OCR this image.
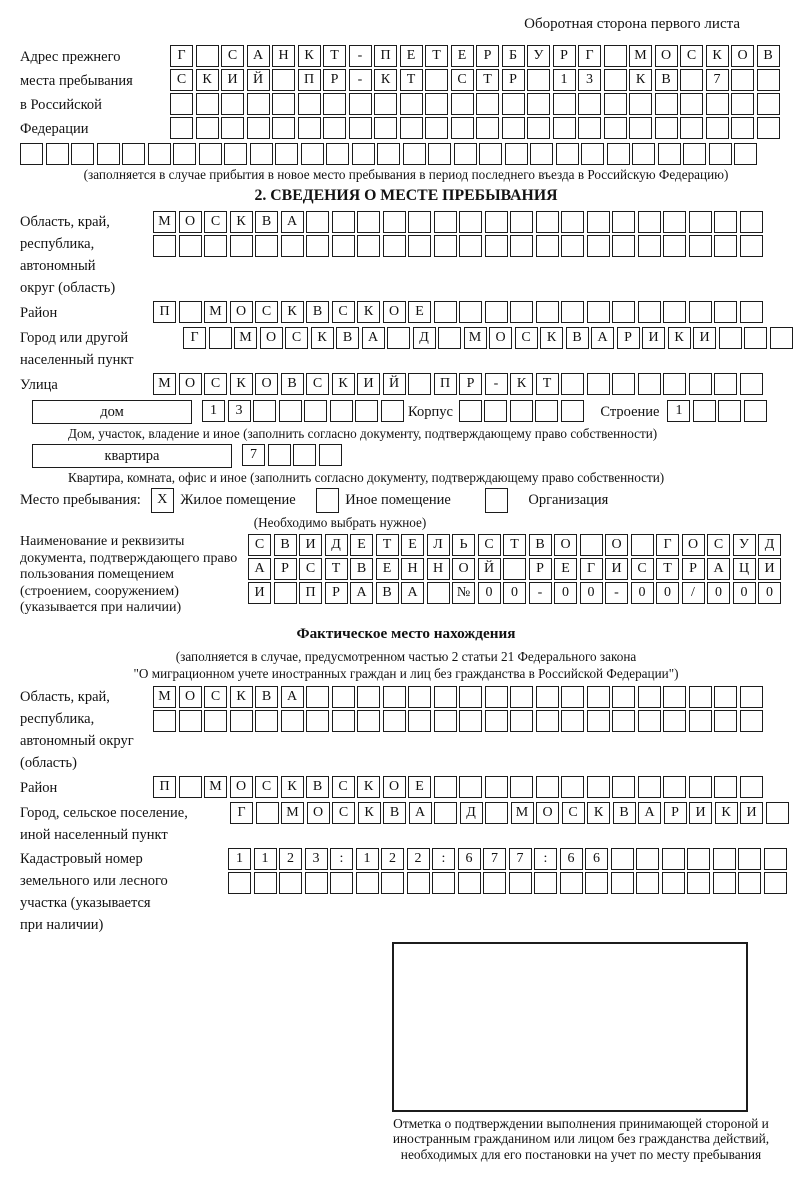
Оборотная сторона первого листа
Адрес прежнего
места пребывания
в Российской
Федерации
Г	С А Н К Т - П Е Т Е Р Б У Р Г	М О С К О В
С К И Й	П Р - К Т	С Т Р	1 3	К В	7
(заполняется в случае прибытия в новое место пребывания в период последнего въезда в Российскую Федерацию)
2. СВЕДЕНИЯ О МЕСТЕ ПРЕБЫВАНИЯ
Область, край,
республика,
автономный
округ (область)
М О С К В А
Район	П	М О С К В С К О Е
Город или другой
населенный пункт
Г	М О С К В А	Д	М О С К В А Р И К И
Улица	М О С К О В С К И Й	П Р - К Т
дом	1 3	Корпус	Строение	1
Дом, участок, владение и иное (заполнить согласно документу, подтверждающему право собственности)
квартира	7
Квартира, комната, офис и иное (заполнить согласно документу, подтверждающему право собственности)
Место пребывания:	X Жилое помещение	Иное помещение	Организация
(Необходимо выбрать нужное)
Наименование и реквизиты документа, подтверждающего право пользования помещением (строением, сооружением) (указывается при наличии)
С В И Д Е Т Е Л Ь С Т В О	О	Г О С У Д
А Р С Т В Е Н Н О Й	Р Е Г И С Т Р А Ц И
И	П Р А В А	№ 0 0 - 0 0 - 0 0 / 0 0 0
Фактическое место нахождения
(заполняется в случае, предусмотренном частью 2 статьи 21 Федерального закона
"О миграционном учете иностранных граждан и лиц без гражданства в Российской Федерации")
Область, край,
республика,
автономный округ
(область)
М О С К В А
Район	П	М О С К В С К О Е
Город, сельское поселение,
иной населенный пункт
Г	М О С К В А	Д	М О С К В А Р И К И
Кадастровый номер
земельного или лесного
участка (указывается
при наличии)
1 1 2 3 : 1 2 2 : 6 7 7 : 6 6
Отметка о подтверждении выполнения принимающей стороной и иностранным гражданином или лицом без гражданства действий, необходимых для его постановки на учет по месту пребывания
